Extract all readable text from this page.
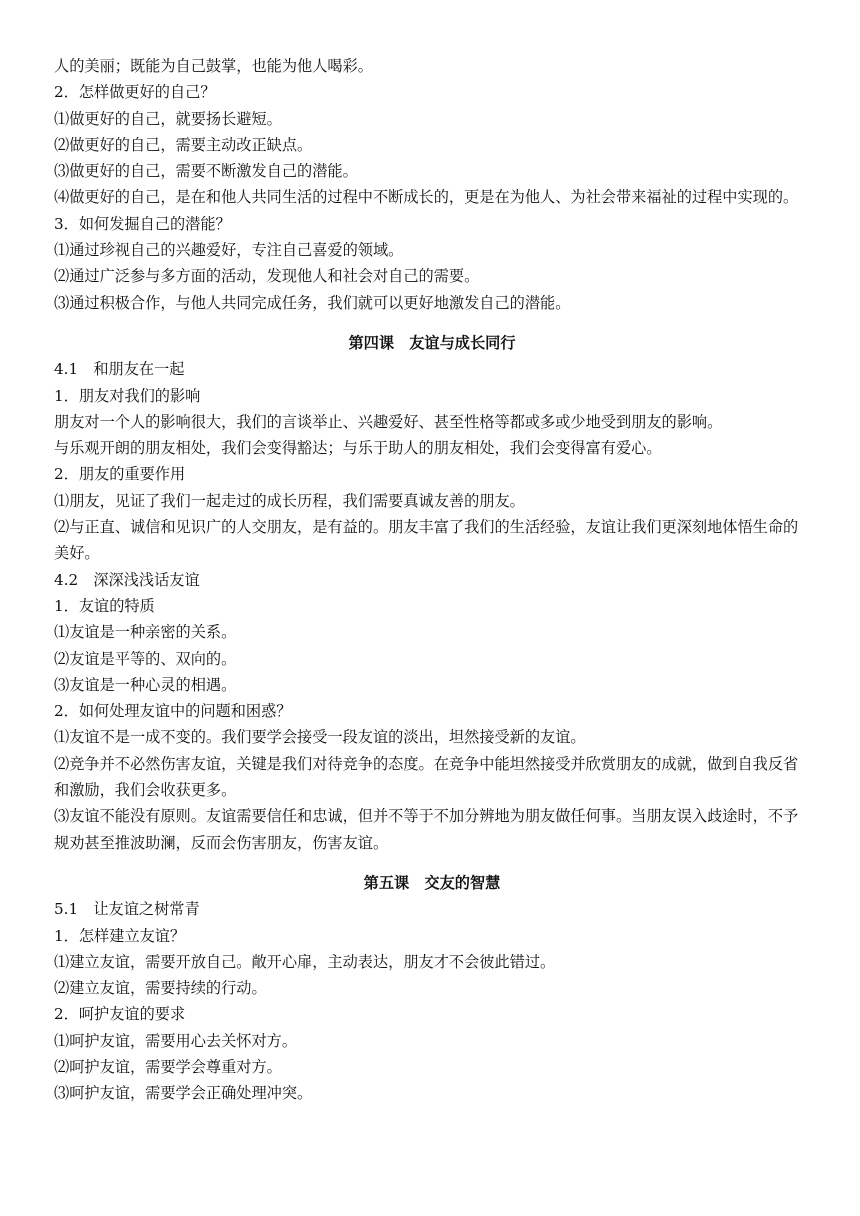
人的美丽；既能为自己鼓掌，也能为他人喝彩。

2．怎样做更好的自己？

⑴做更好的自己，就要扬长避短。

⑵做更好的自己，需要主动改正缺点。

⑶做更好的自己，需要不断激发自己的潜能。

⑷做更好的自己，是在和他人共同生活的过程中不断成长的，更是在为他人、为社会带来福祉的过程中实现的。

3．如何发掘自己的潜能？

⑴通过珍视自己的兴趣爱好，专注自己喜爱的领域。

⑵通过广泛参与多方面的活动，发现他人和社会对自己的需要。

⑶通过积极合作，与他人共同完成任务，我们就可以更好地激发自己的潜能。

第四课　友谊与成长同行

4.1　和朋友在一起

1．朋友对我们的影响

朋友对一个人的影响很大，我们的言谈举止、兴趣爱好、甚至性格等都或多或少地受到朋友的影响。

与乐观开朗的朋友相处，我们会变得豁达；与乐于助人的朋友相处，我们会变得富有爱心。

2．朋友的重要作用

⑴朋友，见证了我们一起走过的成长历程，我们需要真诚友善的朋友。

⑵与正直、诚信和见识广的人交朋友，是有益的。朋友丰富了我们的生活经验，友谊让我们更深刻地体悟生命的美好。

4.2　深深浅浅话友谊

1．友谊的特质

⑴友谊是一种亲密的关系。

⑵友谊是平等的、双向的。

⑶友谊是一种心灵的相遇。

2．如何处理友谊中的问题和困惑？

⑴友谊不是一成不变的。我们要学会接受一段友谊的淡出，坦然接受新的友谊。

⑵竞争并不必然伤害友谊，关键是我们对待竞争的态度。在竞争中能坦然接受并欣赏朋友的成就，做到自我反省和激励，我们会收获更多。

⑶友谊不能没有原则。友谊需要信任和忠诚，但并不等于不加分辨地为朋友做任何事。当朋友误入歧途时，不予规劝甚至推波助澜，反而会伤害朋友，伤害友谊。

第五课　交友的智慧

5.1　让友谊之树常青

1．怎样建立友谊？

⑴建立友谊，需要开放自己。敞开心扉，主动表达，朋友才不会彼此错过。

⑵建立友谊，需要持续的行动。

2．呵护友谊的要求

⑴呵护友谊，需要用心去关怀对方。

⑵呵护友谊，需要学会尊重对方。

⑶呵护友谊，需要学会正确处理冲突。
